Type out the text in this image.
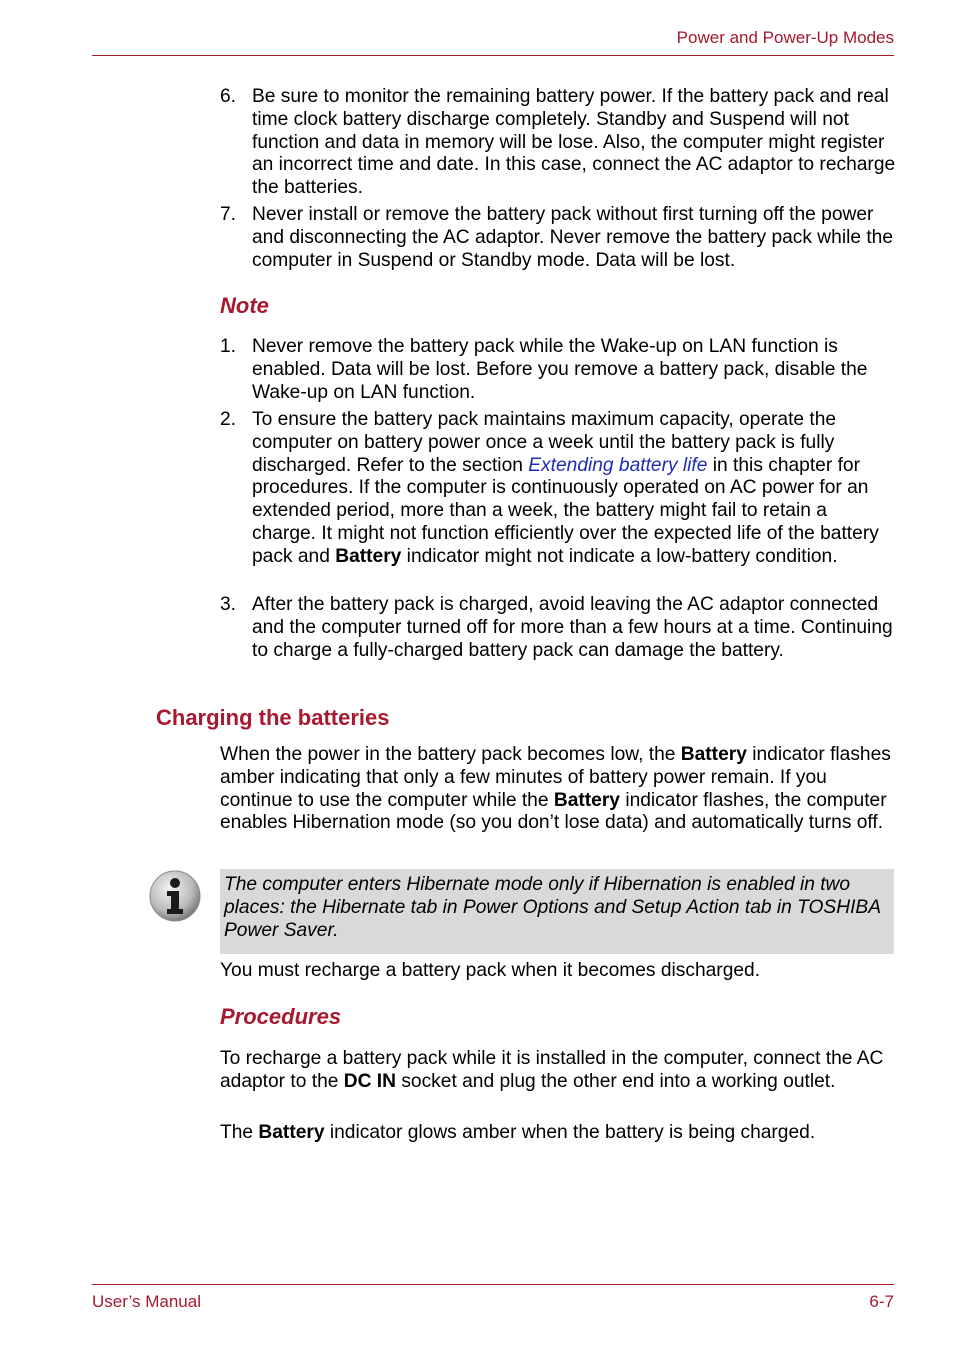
Power and Power-Up Modes
6. Be sure to monitor the remaining battery power. If the battery pack and real time clock battery discharge completely. Standby and Suspend will not function and data in memory will be lose. Also, the computer might register an incorrect time and date. In this case, connect the AC adaptor to recharge the batteries.
7. Never install or remove the battery pack without first turning off the power and disconnecting the AC adaptor. Never remove the battery pack while the computer in Suspend or Standby mode. Data will be lost.
Note
1. Never remove the battery pack while the Wake-up on LAN function is enabled. Data will be lost. Before you remove a battery pack, disable the Wake-up on LAN function.
2. To ensure the battery pack maintains maximum capacity, operate the computer on battery power once a week until the battery pack is fully discharged. Refer to the section Extending battery life in this chapter for procedures. If the computer is continuously operated on AC power for an extended period, more than a week, the battery might fail to retain a charge. It might not function efficiently over the expected life of the battery pack and Battery indicator might not indicate a low-battery condition.
3. After the battery pack is charged, avoid leaving the AC adaptor connected and the computer turned off for more than a few hours at a time. Continuing to charge a fully-charged battery pack can damage the battery.
Charging the batteries
When the power in the battery pack becomes low, the Battery indicator flashes amber indicating that only a few minutes of battery power remain. If you continue to use the computer while the Battery indicator flashes, the computer enables Hibernation mode (so you don’t lose data) and automatically turns off.
The computer enters Hibernate mode only if Hibernation is enabled in two places: the Hibernate tab in Power Options and Setup Action tab in TOSHIBA Power Saver.
You must recharge a battery pack when it becomes discharged.
Procedures
To recharge a battery pack while it is installed in the computer, connect the AC adaptor to the DC IN socket and plug the other end into a working outlet.
The Battery indicator glows amber when the battery is being charged.
User’s Manual	6-7
